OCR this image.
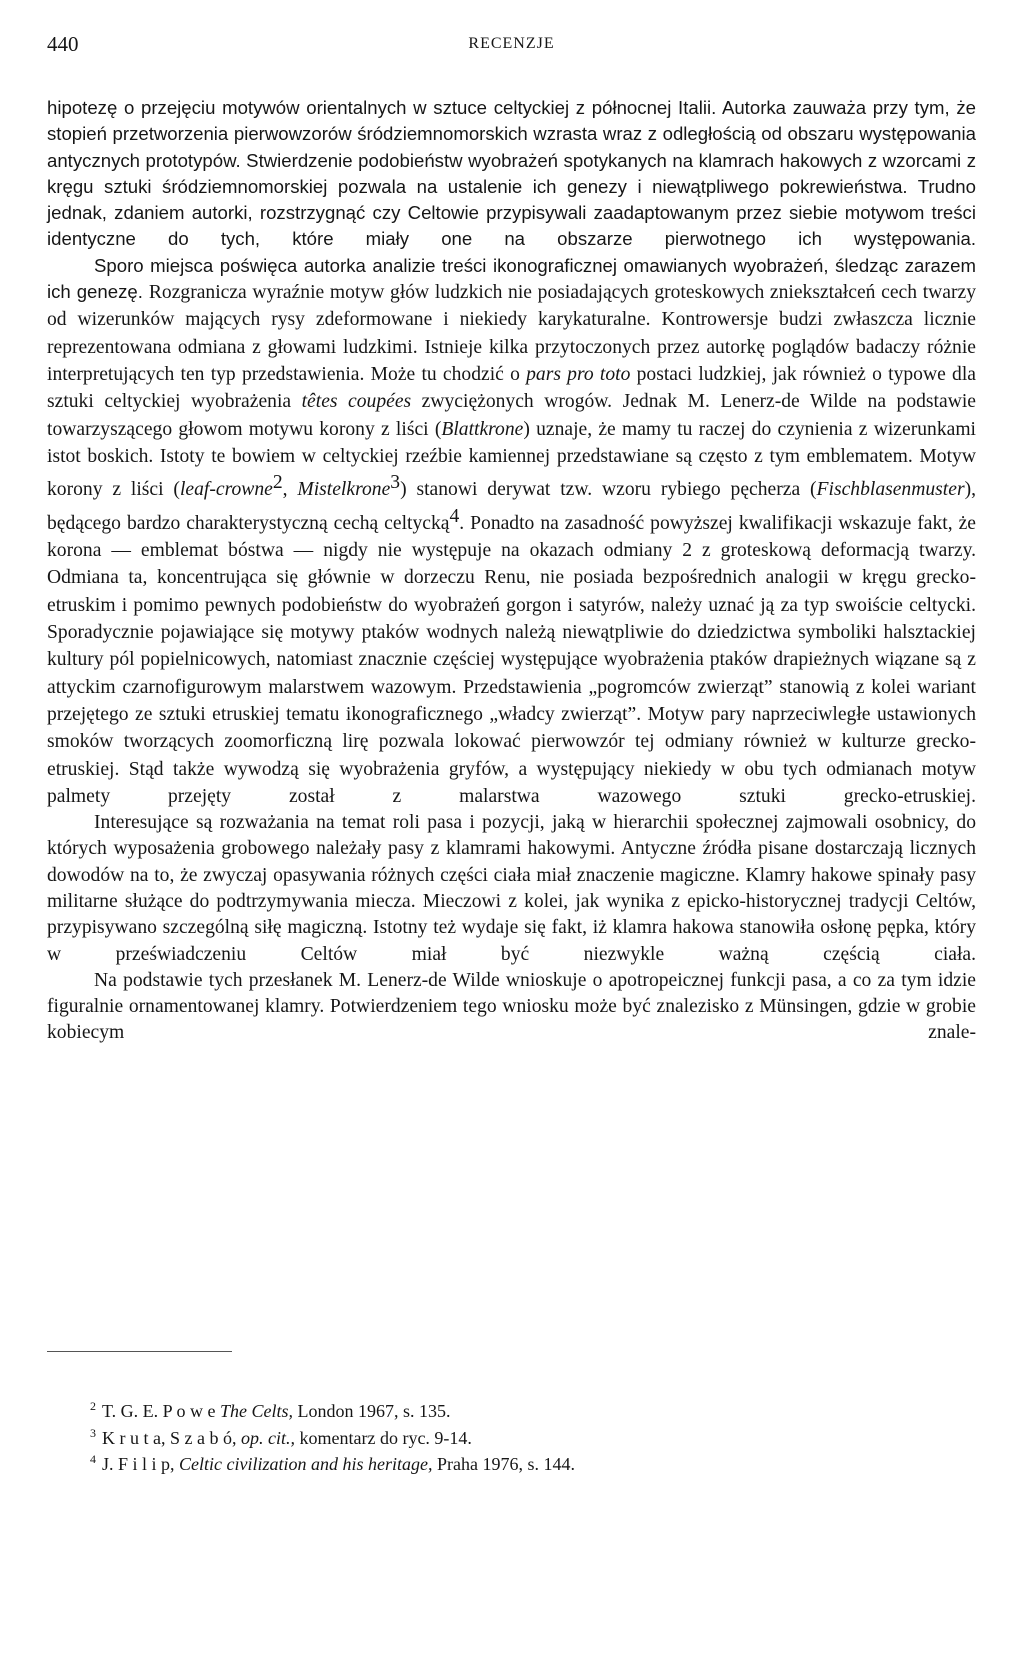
440	RECENZJE

hipotezę o przejęciu motywów orientalnych w sztuce celtyckiej z północnej Italii. Autorka zauważa przy tym, że stopień przetworzenia pierwowzorów śródziemnomorskich wzrasta wraz z odległością od obszaru występowania antycznych prototypów. Stwierdzenie podobieństw wyobrażeń spotykanych na klamrach hakowych z wzorcami z kręgu sztuki śródziemnomorskiej pozwala na ustalenie ich genezy i niewątpliwego pokrewieństwa. Trudno jednak, zdaniem autorki, rozstrzygnąć czy Celtowie przypisywali zaadaptowanym przez siebie motywom treści identyczne do tych, które miały one na obszarze pierwotnego ich występowania.

Sporo miejsca poświęca autorka analizie treści ikonograficznej omawianych wyobrażeń, śledząc zarazem ich genezę. Rozgranicza wyraźnie motyw głów ludzkich nie posiadających groteskowych zniekształceń cech twarzy od wizerunków mających rysy zdeformowane i niekiedy karykaturalne. Kontrowersje budzi zwłaszcza licznie reprezentowana odmiana z głowami ludzkimi. Istnieje kilka przytoczonych przez autorkę poglądów badaczy różnie interpretujących ten typ przedstawienia. Może tu chodzić o pars pro toto postaci ludzkiej, jak również o typowe dla sztuki celtyckiej wyobrażenia têtes coupées zwyciężonych wrogów. Jednak M. Lenerz-de Wilde na podstawie towarzyszącego głowom motywu korony z liści (Blattkrone) uznaje, że mamy tu raczej do czynienia z wizerunkami istot boskich. Istoty te bowiem w celtyckiej rzeźbie kamiennej przedstawiane są często z tym emblematem. Motyw korony z liści (leaf-crowne$^2$, Mistelkrone$^3$) stanowi derywat tzw. wzoru rybiego pęcherza (Fischblasenmuster), będącego bardzo charakterystyczną cechą celtycką$^4$. Ponadto na zasadność powyższej kwalifikacji wskazuje fakt, że korona — emblemat bóstwa — nigdy nie występuje na okazach odmiany 2 z groteskową deformacją twarzy. Odmiana ta, koncentrująca się głównie w dorzeczu Renu, nie posiada bezpośrednich analogii w kręgu grecko-etruskim i pomimo pewnych podobieństw do wyobrażeń gorgon i satyrów, należy uznać ją za typ swoiście celtycki. Sporadycznie pojawiające się motywy ptaków wodnych należą niewątpliwie do dziedzictwa symboliki halsztackiej kultury pól popielnicowych, natomiast znacznie częściej występujące wyobrażenia ptaków drapieżnych wiązane są z attyckim czarnofigurowym malarstwem wazowym. Przedstawienia „pogromców zwierząt” stanowią z kolei wariant przejętego ze sztuki etruskiej tematu ikonograficznego „władcy zwierząt”. Motyw pary naprzeciwległe ustawionych smoków tworzących zoomorficzną lirę pozwala lokować pierwowzór tej odmiany również w kulturze grecko-etruskiej. Stąd także wywodzą się wyobrażenia gryfów, a występujący niekiedy w obu tych odmianach motyw palmety przejęty został z malarstwa wazowego sztuki grecko-etruskiej.

Interesujące są rozważania na temat roli pasa i pozycji, jaką w hierarchii społecznej zajmowali osobnicy, do których wyposażenia grobowego należały pasy z klamrami hakowymi. Antyczne źródła pisane dostarczają licznych dowodów na to, że zwyczaj opasywania różnych części ciała miał znaczenie magiczne. Klamry hakowe spinały pasy militarne służące do podtrzymywania miecza. Mieczowi z kolei, jak wynika z epicko-historycznej tradycji Celtów, przypisywano szczególną siłę magiczną. Istotny też wydaje się fakt, iż klamra hakowa stanowiła osłonę pępka, który w przeświadczeniu Celtów miał być niezwykle ważną częścią ciała.

Na podstawie tych przesłanek M. Lenerz-de Wilde wnioskuje o apotropeicznej funkcji pasa, a co za tym idzie figuralnie ornamentowanej klamry. Potwierdzeniem tego wniosku może być znalezisko z Münsingen, gdzie w grobie kobiecym znale-

$^2$ T. G. E. P o w e The Celts, London 1967, s. 135.
$^3$ K r u t a, S z a b ó, op. cit., komentarz do ryc. 9-14.
$^4$ J. F i l i p, Celtic civilization and his heritage, Praha 1976, s. 144.
